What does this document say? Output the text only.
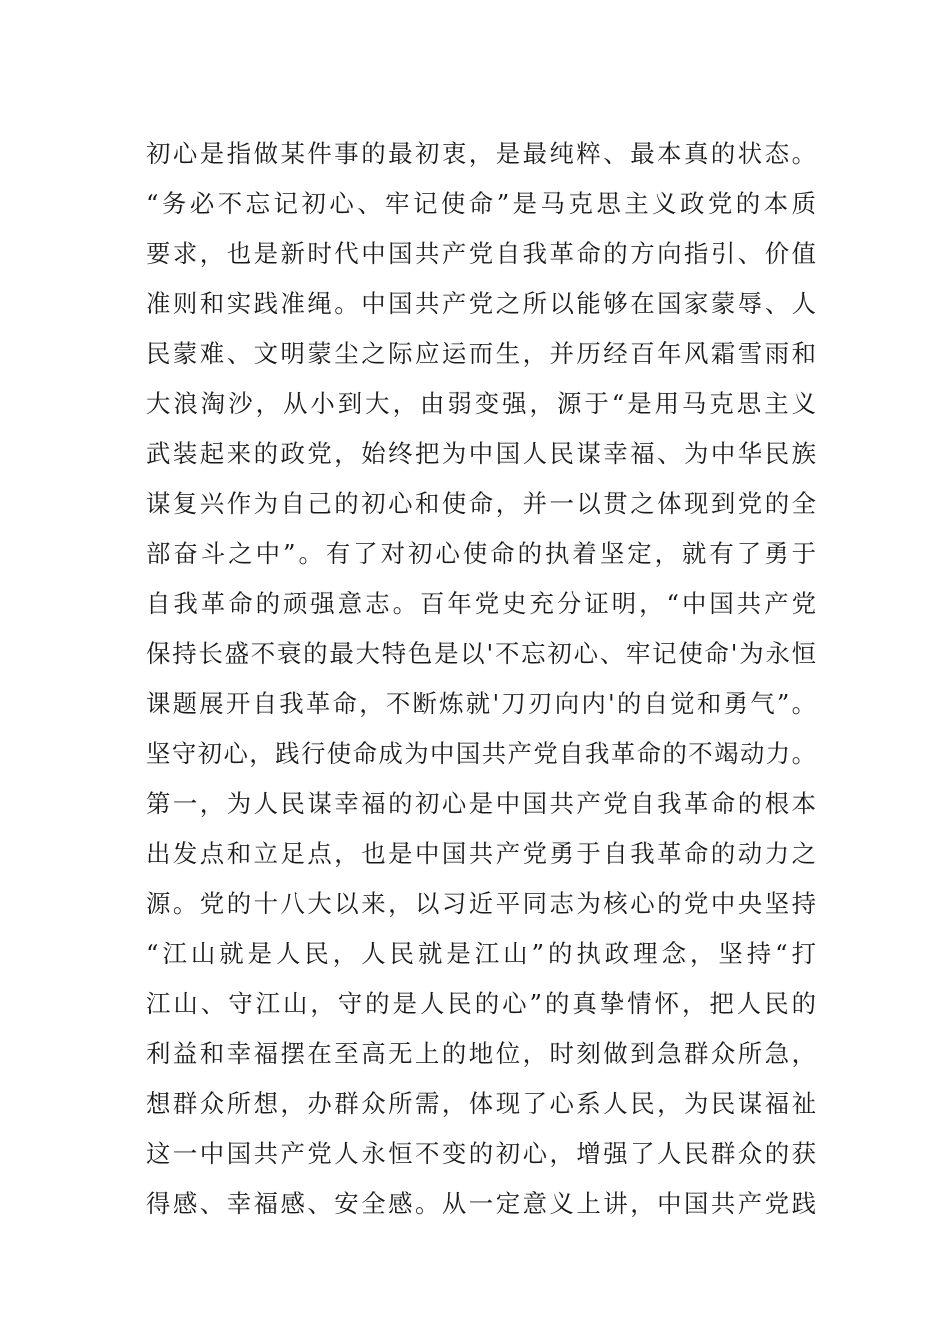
初心是指做某件事的最初衷，是最纯粹、最本真的状态。
“务必不忘记初心、牢记使命”是马克思主义政党的本质
要求，也是新时代中国共产党自我革命的方向指引、价值
准则和实践准绳。中国共产党之所以能够在国家蒙辱、人
民蒙难、文明蒙尘之际应运而生，并历经百年风霜雪雨和
大浪淘沙，从小到大，由弱变强，源于“是用马克思主义
武装起来的政党，始终把为中国人民谋幸福、为中华民族
谋复兴作为自己的初心和使命，并一以贯之体现到党的全
部奋斗之中”。有了对初心使命的执着坚定，就有了勇于
自我革命的顽强意志。百年党史充分证明，“中国共产党
保持长盛不衰的最大特色是以'不忘初心、牢记使命'为永恒
课题展开自我革命，不断炼就'刀刃向内'的自觉和勇气”。
坚守初心，践行使命成为中国共产党自我革命的不竭动力。
第一，为人民谋幸福的初心是中国共产党自我革命的根本
出发点和立足点，也是中国共产党勇于自我革命的动力之
源。党的十八大以来，以习近平同志为核心的党中央坚持
“江山就是人民，人民就是江山”的执政理念，坚持“打
江山、守江山，守的是人民的心”的真挚情怀，把人民的
利益和幸福摆在至高无上的地位，时刻做到急群众所急，
想群众所想，办群众所需，体现了心系人民，为民谋福祉
这一中国共产党人永恒不变的初心，增强了人民群众的获
得感、幸福感、安全感。从一定意义上讲，中国共产党践
